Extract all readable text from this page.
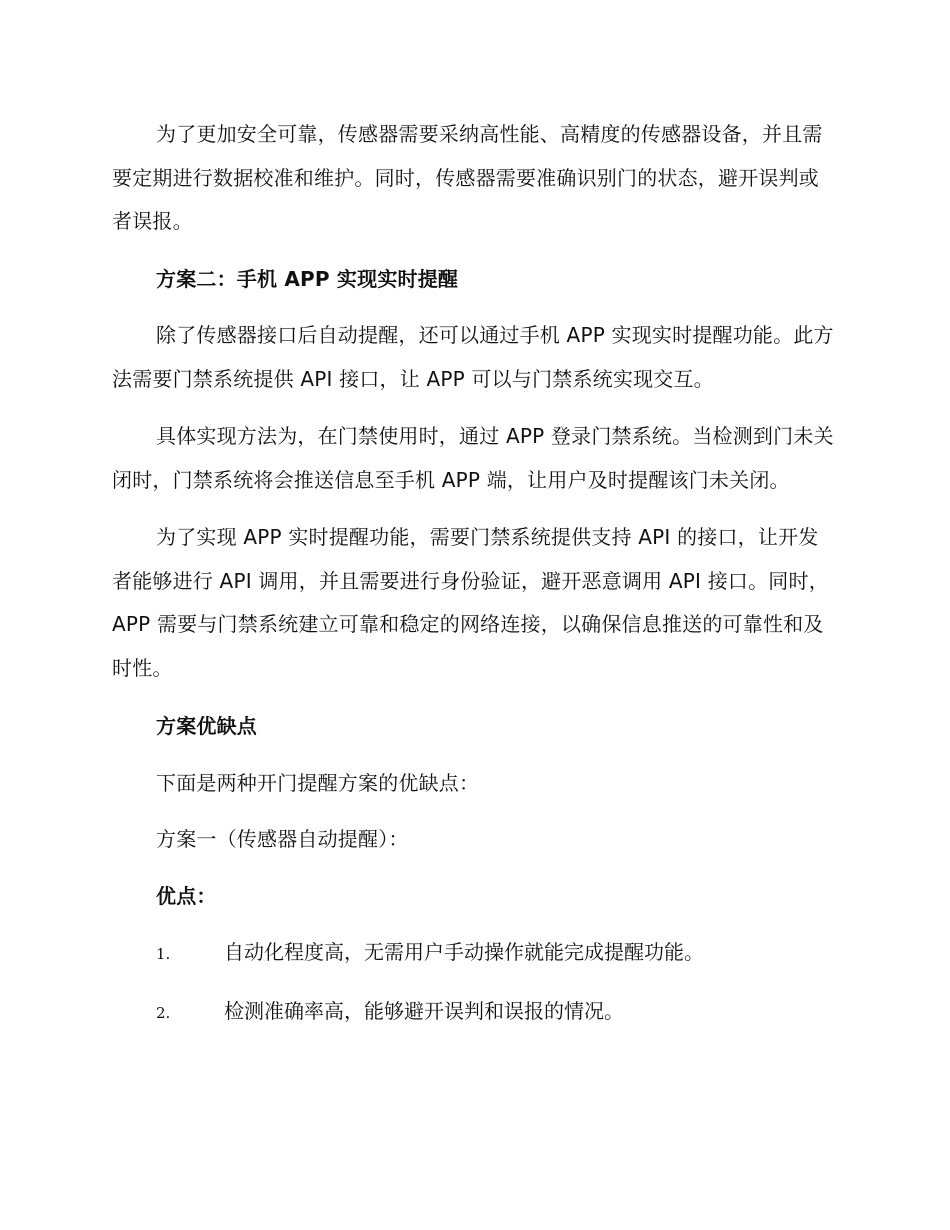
为了更加安全可靠，传感器需要采纳高性能、高精度的传感器设备，并且需要定期进行数据校准和维护。同时，传感器需要准确识别门的状态，避开误判或者误报。

方案二：手机 APP 实现实时提醒

除了传感器接口后自动提醒，还可以通过手机 APP 实现实时提醒功能。此方法需要门禁系统提供 API 接口，让 APP 可以与门禁系统实现交互。

具体实现方法为，在门禁使用时，通过 APP 登录门禁系统。当检测到门未关闭时，门禁系统将会推送信息至手机 APP 端，让用户及时提醒该门未关闭。

为了实现 APP 实时提醒功能，需要门禁系统提供支持 API 的接口，让开发者能够进行 API 调用，并且需要进行身份验证，避开恶意调用 API 接口。同时，APP 需要与门禁系统建立可靠和稳定的网络连接，以确保信息推送的可靠性和及时性。

方案优缺点

下面是两种开门提醒方案的优缺点：

方案一（传感器自动提醒）：

优点：

1.	自动化程度高，无需用户手动操作就能完成提醒功能。
2.	检测准确率高，能够避开误判和误报的情况。
